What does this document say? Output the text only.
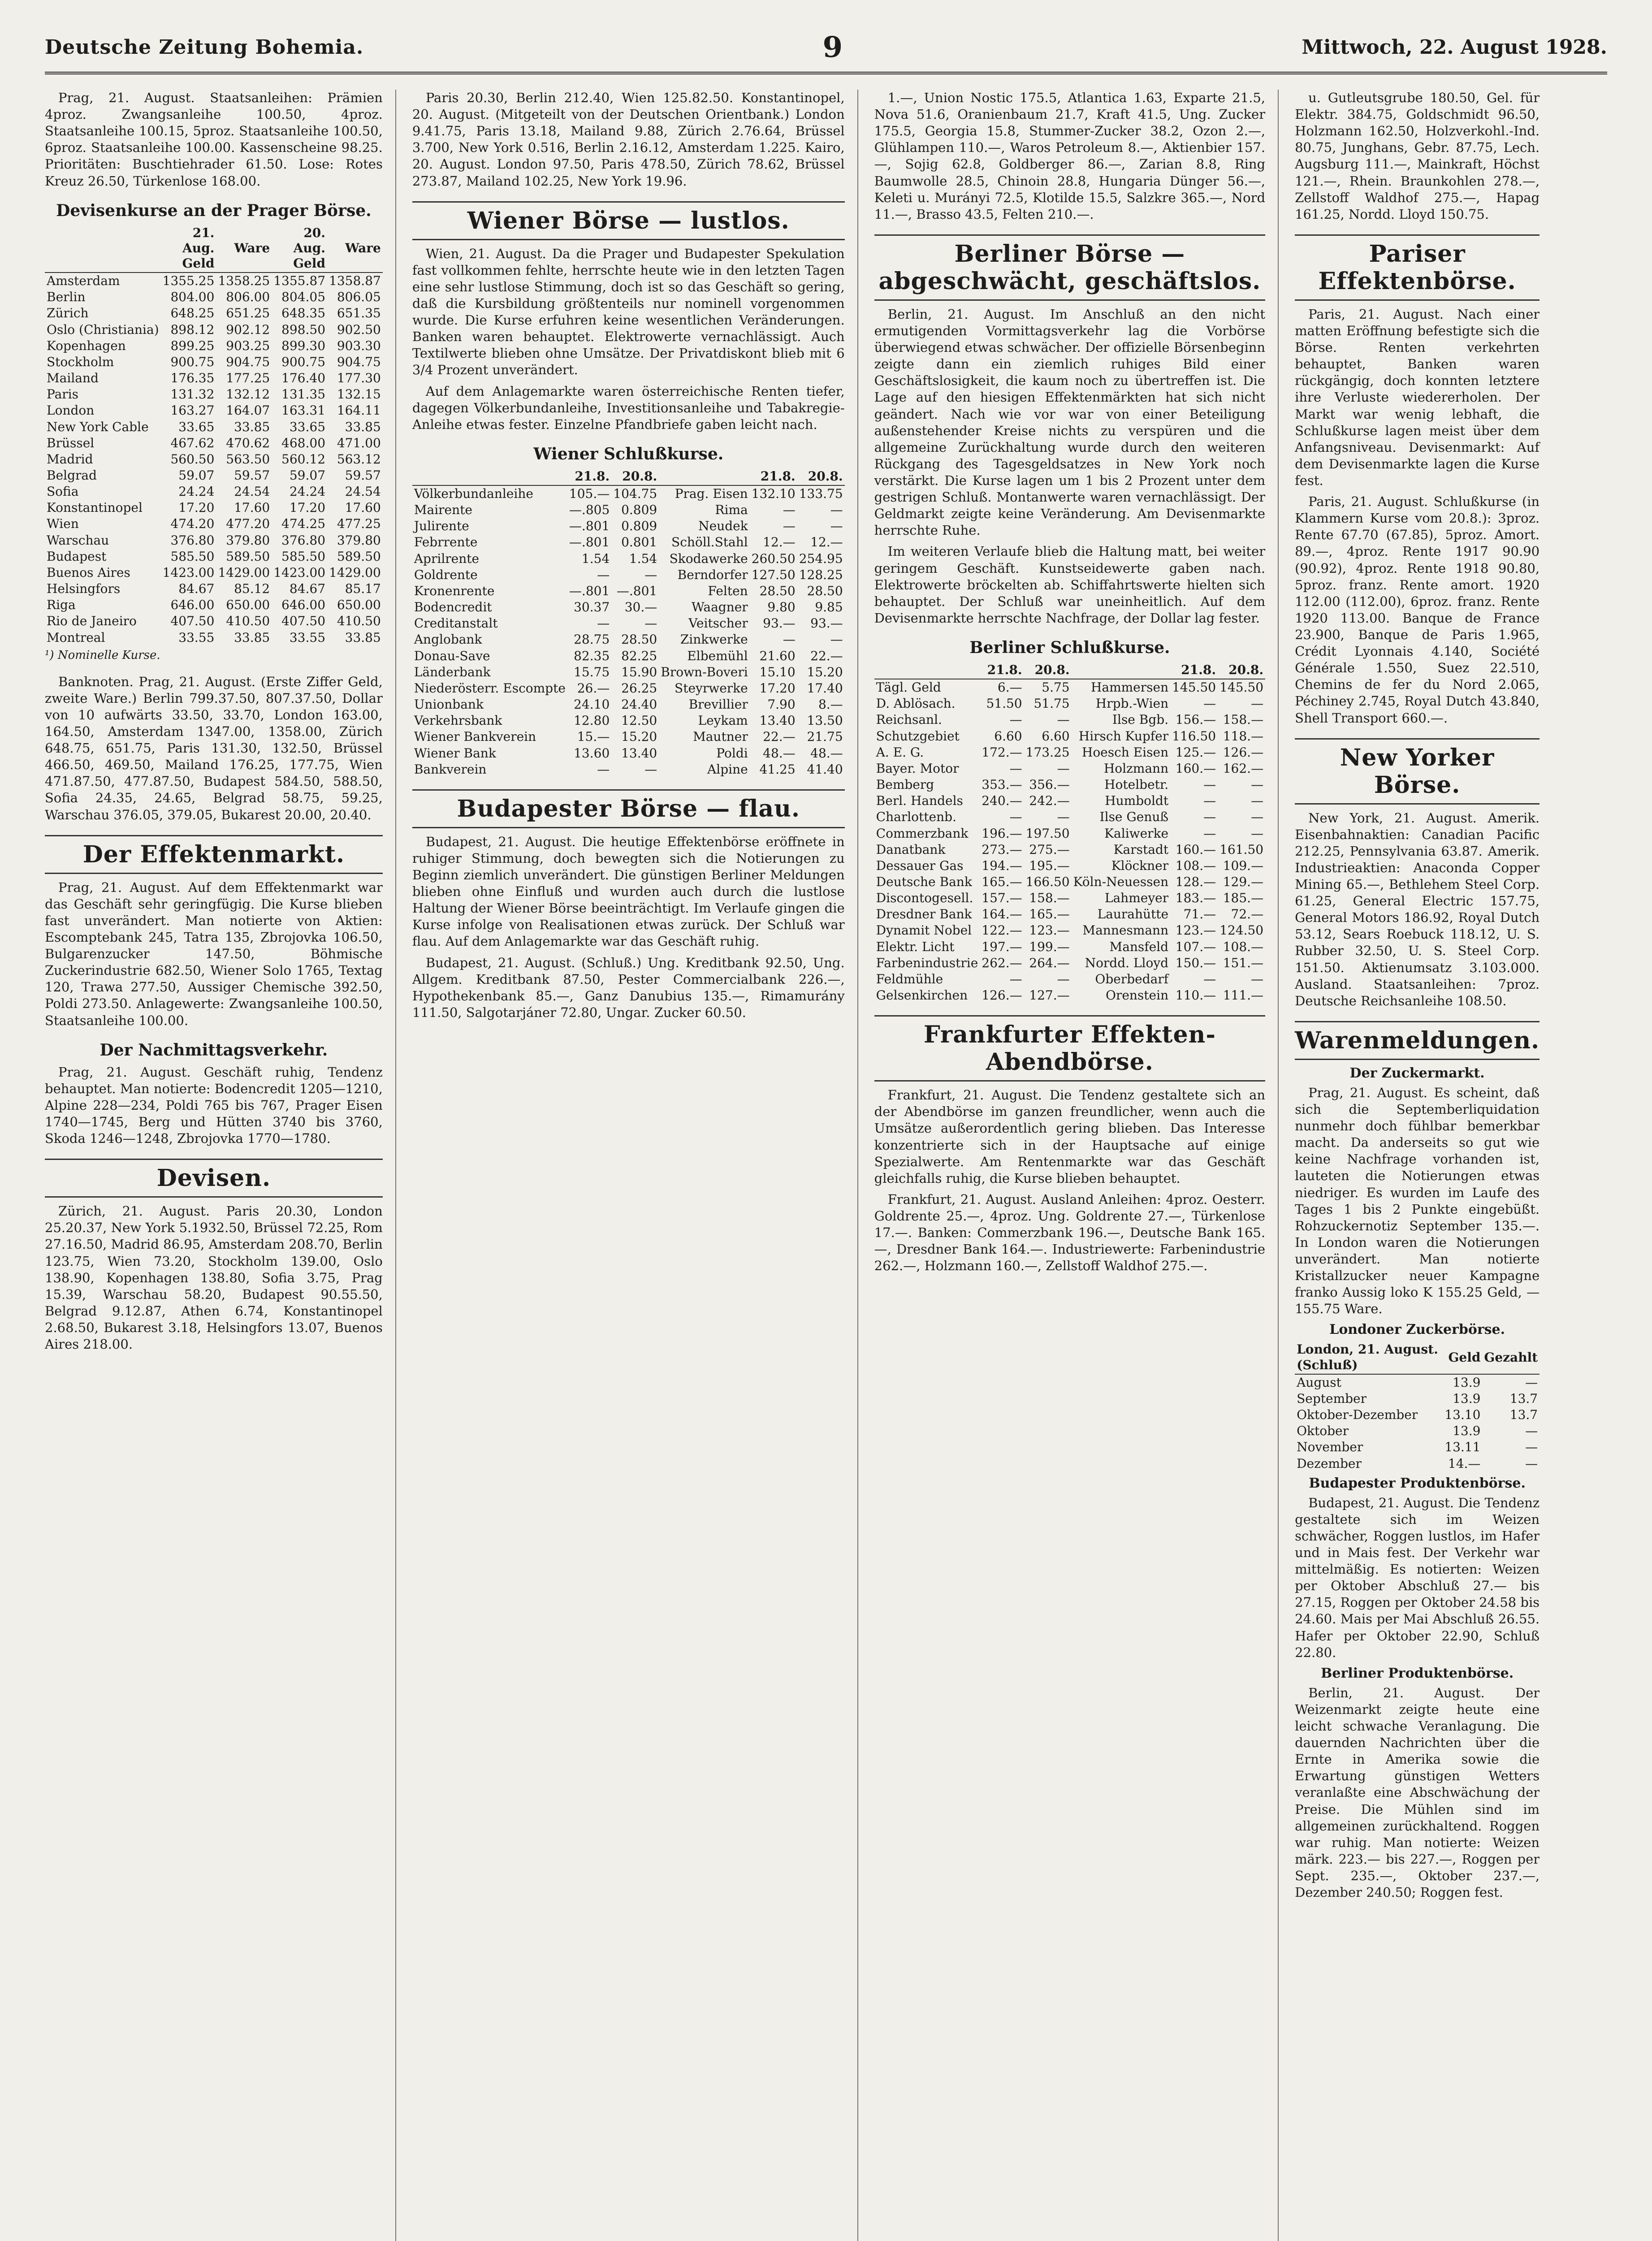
Deutsche Zeitung Bohemia.	9	Mittwoch, 22. August 1928.

Prag, 21. August. Staatsanleihen: Prämien 4proz. Zwangsanleihe 100.50, 4proz. Staatsanleihe 100.15, 5proz. Staatsanleihe 100.50, 6proz. Staatsanleihe 100.00. Kassenscheine 98.25. Prioritäten: Buschtiehrader 61.50. Lose: Rotes Kreuz 26.50, Türkenlose 168.00.

Devisenkurse an der Prager Börse.
	21. Aug. Geld	Ware	20. Aug. Geld	Ware
Amsterdam	1355.25	1358.25	1355.87	1358.87
Berlin	804.00	806.00	804.05	806.05
Zürich	648.25	651.25	648.35	651.35
Oslo (Christiania)	898.12	902.12	898.50	902.50
Kopenhagen	899.25	903.25	899.30	903.30
Stockholm	900.75	904.75	900.75	904.75
Mailand	176.35	177.25	176.40	177.30
Paris	131.32	132.12	131.35	132.15
London	163.27	164.07	163.31	164.11
New York Cable	33.65	33.85	33.65	33.85
Brüssel	467.62	470.62	468.00	471.00
Madrid	560.50	563.50	560.12	563.12
Belgrad	59.07	59.57	59.07	59.57
Sofia	24.24	24.54	24.24	24.54
Konstantinopel	17.20	17.60	17.20	17.60
Wien	474.20	477.20	474.25	477.25
Warschau	376.80	379.80	376.80	379.80
Budapest	585.50	589.50	585.50	589.50
Buenos Aires	1423.00	1429.00	1423.00	1429.00
Helsingfors	84.67	85.12	84.67	85.17
Riga	646.00	650.00	646.00	650.00
Rio de Janeiro	407.50	410.50	407.50	410.50
Montreal	33.55	33.85	33.55	33.85
¹) Nominelle Kurse.

Banknoten. Prag, 21. August. (Erste Ziffer Geld, zweite Ware.) Berlin 799.37.50, 807.37.50, Dollar von 10 aufwärts 33.50, 33.70, London 163.00, 164.50, Amsterdam 1347.00, 1358.00, Zürich 648.75, 651.75, Paris 131.30, 132.50, Brüssel 466.50, 469.50, Mailand 176.25, 177.75, Wien 471.87.50, 477.87.50, Budapest 584.50, 588.50, Sofia 24.35, 24.65, Belgrad 58.75, 59.25, Warschau 376.05, 379.05, Bukarest 20.00, 20.40.

Der Effektenmarkt.

Prag, 21. August. Auf dem Effektenmarkt war das Geschäft sehr geringfügig. Die Kurse blieben fast unverändert. Man notierte von Aktien: Escomptebank 245, Tatra 135, Zbrojovka 106.50, Bulgarenzucker 147.50, Böhmische Zuckerindustrie 682.50, Wiener Solo 1765, Textag 120, Trawa 277.50, Aussiger Chemische 392.50, Poldi 273.50. Anlagewerte: Zwangsanleihe 100.50, Staatsanleihe 100.00.

Der Nachmittagsverkehr.

Prag, 21. August. Geschäft ruhig, Tendenz behauptet. Man notierte: Bodencredit 1205—1210, Alpine 228—234, Poldi 765 bis 767, Prager Eisen 1740—1745, Berg und Hütten 3740 bis 3760, Skoda 1246—1248, Zbrojovka 1770—1780.

Devisen.

Zürich, 21. August. Paris 20.30, London 25.20.37, New York 5.1932.50, Brüssel 72.25, Rom 27.16.50, Madrid 86.95, Amsterdam 208.70, Berlin 123.75, Wien 73.20, Stockholm 139.00, Oslo 138.90, Kopenhagen 138.80, Sofia 3.75, Prag 15.39, Warschau 58.20, Budapest 90.55.50, Belgrad 9.12.87, Athen 6.74, Konstantinopel 2.68.50, Bukarest 3.18, Helsingfors 13.07, Buenos Aires 218.00.

Paris 20.30, Berlin 212.40, Wien 125.82.50. Konstantinopel, 20. August. (Mitgeteilt von der Deutschen Orientbank.) London 9.41.75, Paris 13.18, Mailand 9.88, Zürich 2.76.64, Brüssel 3.700, New York 0.516, Berlin 2.16.12, Amsterdam 1.225. Kairo, 20. August. London 97.50, Paris 478.50, Zürich 78.62, Brüssel 273.87, Mailand 102.25, New York 19.96.

Wiener Börse — lustlos.

Wien, 21. August. Da die Prager und Budapester Spekulation fast vollkommen fehlte, herrschte heute wie in den letzten Tagen eine sehr lustlose Stimmung, doch ist so das Geschäft so gering, daß die Kursbildung größtenteils nur nominell vorgenommen wurde. Die Kurse erfuhren keine wesentlichen Veränderungen. Banken waren behauptet. Elektrowerte vernachlässigt. Auch Textilwerte blieben ohne Umsätze. Der Privatdiskont blieb mit 6 3/4 Prozent unverändert.

Auf dem Anlagemarkte waren österreichische Renten tiefer, dagegen Völkerbundanleihe, Investitionsanleihe und Tabakregie-Anleihe etwas fester. Einzelne Pfandbriefe gaben leicht nach.

Wiener Schlußkurse.
	21.8.	20.8.		21.8.	20.8.
Völkerbundanleihe	105.—	104.75	Prag. Eisen	132.10	133.75
Mairente	—.805	0.809	Rima	—	—
Julirente	—.801	0.809	Neudek	—	—
Febrrente	—.801	0.801	Schöll.Stahl	12.—	12.—
Aprilrente	1.54	1.54	Skodawerke	260.50	254.95
Goldrente	—	—	Berndorfer	127.50	128.25
Kronenrente	—.801	—.801	Felten	28.50	28.50
Bodencredit	30.37	30.—	Waagner	9.80	9.85
Creditanstalt	—	—	Veitscher	93.—	93.—
Anglobank	28.75	28.50	Zinkwerke	—	—
Donau-Save	82.35	82.25	Elbemühl	21.60	22.—
Länderbank	15.75	15.90	Brown-Boveri	15.10	15.20
Niederösterr. Escompte	26.—	26.25	Steyrwerke	17.20	17.40
Unionbank	24.10	24.40	Brevillier	7.90	8.—
Verkehrsbank	12.80	12.50	Leykam	13.40	13.50
Wiener Bankverein	15.—	15.20	Mautner	22.—	21.75
Wiener Bank	13.60	13.40	Poldi	48.—	48.—
Bankverein	—	—	Alpine	41.25	41.40
Budapester Börse — flau.

Budapest, 21. August. Die heutige Effektenbörse eröffnete in ruhiger Stimmung, doch bewegten sich die Notierungen zu Beginn ziemlich unverändert. Die günstigen Berliner Meldungen blieben ohne Einfluß und wurden auch durch die lustlose Haltung der Wiener Börse beeinträchtigt. Im Verlaufe gingen die Kurse infolge von Realisationen etwas zurück. Der Schluß war flau. Auf dem Anlagemarkte war das Geschäft ruhig.

Budapest, 21. August. (Schluß.) Ung. Kreditbank 92.50, Ung. Allgem. Kreditbank 87.50, Pester Commercialbank 226.—, Hypothekenbank 85.—, Ganz Danubius 135.—, Rimamurány 111.50, Salgotarjáner 72.80, Ungar. Zucker 60.50.

1.—, Union Nostic 175.5, Atlantica 1.63, Exparte 21.5, Nova 51.6, Oranienbaum 21.7, Kraft 41.5, Ung. Zucker 175.5, Georgia 15.8, Stummer-Zucker 38.2, Ozon 2.—, Glühlampen 110.—, Waros Petroleum 8.—, Aktienbier 157.—, Sojig 62.8, Goldberger 86.—, Zarian 8.8, Ring Baumwolle 28.5, Chinoin 28.8, Hungaria Dünger 56.—, Keleti u. Murányi 72.5, Klotilde 15.5, Salzkre 365.—, Nord 11.—, Brasso 43.5, Felten 210.—.

Berliner Börse — abgeschwächt, geschäftslos.

Berlin, 21. August. Im Anschluß an den nicht ermutigenden Vormittagsverkehr lag die Vorbörse überwiegend etwas schwächer. Der offizielle Börsenbeginn zeigte dann ein ziemlich ruhiges Bild einer Geschäftslosigkeit, die kaum noch zu übertreffen ist. Die Lage auf den hiesigen Effektenmärkten hat sich nicht geändert. Nach wie vor war von einer Beteiligung außenstehender Kreise nichts zu verspüren und die allgemeine Zurückhaltung wurde durch den weiteren Rückgang des Tagesgeldsatzes in New York noch verstärkt. Die Kurse lagen um 1 bis 2 Prozent unter dem gestrigen Schluß. Montanwerte waren vernachlässigt. Der Geldmarkt zeigte keine Veränderung. Am Devisenmarkte herrschte Ruhe.

Im weiteren Verlaufe blieb die Haltung matt, bei weiter geringem Geschäft. Kunstseidewerte gaben nach. Elektrowerte bröckelten ab. Schiffahrtswerte hielten sich behauptet. Der Schluß war uneinheitlich. Auf dem Devisenmarkte herrschte Nachfrage, der Dollar lag fester.

Berliner Schlußkurse.
	21.8.	20.8.		21.8.	20.8.
Tägl. Geld	6.—	5.75	Hammersen	145.50	145.50
D. Ablösach.	51.50	51.75	Hrpb.-Wien	—	—
Reichsanl.	—	—	Ilse Bgb.	156.—	158.—
Schutzgebiet	6.60	6.60	Hirsch Kupfer	116.50	118.—
A. E. G.	172.—	173.25	Hoesch Eisen	125.—	126.—
Bayer. Motor	—	—	Holzmann	160.—	162.—
Bemberg	353.—	356.—	Hotelbetr.	—	—
Berl. Handels	240.—	242.—	Humboldt	—	—
Charlottenb.	—	—	Ilse Genuß	—	—
Commerzbank	196.—	197.50	Kaliwerke	—	—
Danatbank	273.—	275.—	Karstadt	160.—	161.50
Dessauer Gas	194.—	195.—	Klöckner	108.—	109.—
Deutsche Bank	165.—	166.50	Köln-Neuessen	128.—	129.—
Discontogesell.	157.—	158.—	Lahmeyer	183.—	185.—
Dresdner Bank	164.—	165.—	Laurahütte	71.—	72.—
Dynamit Nobel	122.—	123.—	Mannesmann	123.—	124.50
Elektr. Licht	197.—	199.—	Mansfeld	107.—	108.—
Farbenindustrie	262.—	264.—	Nordd. Lloyd	150.—	151.—
Feldmühle	—	—	Oberbedarf	—	—
Gelsenkirchen	126.—	127.—	Orenstein	110.—	111.—
Frankfurter Effekten-Abendbörse.

Frankfurt, 21. August. Die Tendenz gestaltete sich an der Abendbörse im ganzen freundlicher, wenn auch die Umsätze außerordentlich gering blieben. Das Interesse konzentrierte sich in der Hauptsache auf einige Spezialwerte. Am Rentenmarkte war das Geschäft gleichfalls ruhig, die Kurse blieben behauptet.

Frankfurt, 21. August. Ausland Anleihen: 4proz. Oesterr. Goldrente 25.—, 4proz. Ung. Goldrente 27.—, Türkenlose 17.—. Banken: Commerzbank 196.—, Deutsche Bank 165.—, Dresdner Bank 164.—. Industriewerte: Farbenindustrie 262.—, Holzmann 160.—, Zellstoff Waldhof 275.—.

u. Gutleutsgrube 180.50, Gel. für Elektr. 384.75, Goldschmidt 96.50, Holzmann 162.50, Holzverkohl.-Ind. 80.75, Junghans, Gebr. 87.75, Lech. Augsburg 111.—, Mainkraft, Höchst 121.—, Rhein. Braunkohlen 278.—, Zellstoff Waldhof 275.—, Hapag 161.25, Nordd. Lloyd 150.75.

Pariser Effektenbörse.

Paris, 21. August. Nach einer matten Eröffnung befestigte sich die Börse. Renten verkehrten behauptet, Banken waren rückgängig, doch konnten letztere ihre Verluste wiedererholen. Der Markt war wenig lebhaft, die Schlußkurse lagen meist über dem Anfangsniveau. Devisenmarkt: Auf dem Devisenmarkte lagen die Kurse fest.

Paris, 21. August. Schlußkurse (in Klammern Kurse vom 20.8.): 3proz. Rente 67.70 (67.85), 5proz. Amort. 89.—, 4proz. Rente 1917 90.90 (90.92), 4proz. Rente 1918 90.80, 5proz. franz. Rente amort. 1920 112.00 (112.00), 6proz. franz. Rente 1920 113.00. Banque de France 23.900, Banque de Paris 1.965, Crédit Lyonnais 4.140, Société Générale 1.550, Suez 22.510, Chemins de fer du Nord 2.065, Péchiney 2.745, Royal Dutch 43.840, Shell Transport 660.—.

New Yorker Börse.

New York, 21. August. Amerik. Eisenbahnaktien: Canadian Pacific 212.25, Pennsylvania 63.87. Amerik. Industrieaktien: Anaconda Copper Mining 65.—, Bethlehem Steel Corp. 61.25, General Electric 157.75, General Motors 186.92, Royal Dutch 53.12, Sears Roebuck 118.12, U. S. Rubber 32.50, U. S. Steel Corp. 151.50. Aktienumsatz 3.103.000. Ausland. Staatsanleihen: 7proz. Deutsche Reichsanleihe 108.50.

Warenmeldungen.
Der Zuckermarkt.

Prag, 21. August. Es scheint, daß sich die Septemberliquidation nunmehr doch fühlbar bemerkbar macht. Da anderseits so gut wie keine Nachfrage vorhanden ist, lauteten die Notierungen etwas niedriger. Es wurden im Laufe des Tages 1 bis 2 Punkte eingebüßt. Rohzuckernotiz September 135.—. In London waren die Notierungen unverändert. Man notierte Kristallzucker neuer Kampagne franko Aussig loko K 155.25 Geld, — 155.75 Ware.

Londoner Zuckerbörse.
London, 21. August. (Schluß)	Geld	Gezahlt
August	13.9	—
September	13.9	13.7
Oktober-Dezember	13.10	13.7
Oktober	13.9	—
November	13.11	—
Dezember	14.—	—
Budapester Produktenbörse.

Budapest, 21. August. Die Tendenz gestaltete sich im Weizen schwächer, Roggen lustlos, im Hafer und in Mais fest. Der Verkehr war mittelmäßig. Es notierten: Weizen per Oktober Abschluß 27.— bis 27.15, Roggen per Oktober 24.58 bis 24.60. Mais per Mai Abschluß 26.55. Hafer per Oktober 22.90, Schluß 22.80.

Berliner Produktenbörse.

Berlin, 21. August. Der Weizenmarkt zeigte heute eine leicht schwache Veranlagung. Die dauernden Nachrichten über die Ernte in Amerika sowie die Erwartung günstigen Wetters veranlaßte eine Abschwächung der Preise. Die Mühlen sind im allgemeinen zurückhaltend. Roggen war ruhig. Man notierte: Weizen märk. 223.— bis 227.—, Roggen per Sept. 235.—, Oktober 237.—, Dezember 240.50; Roggen fest.
